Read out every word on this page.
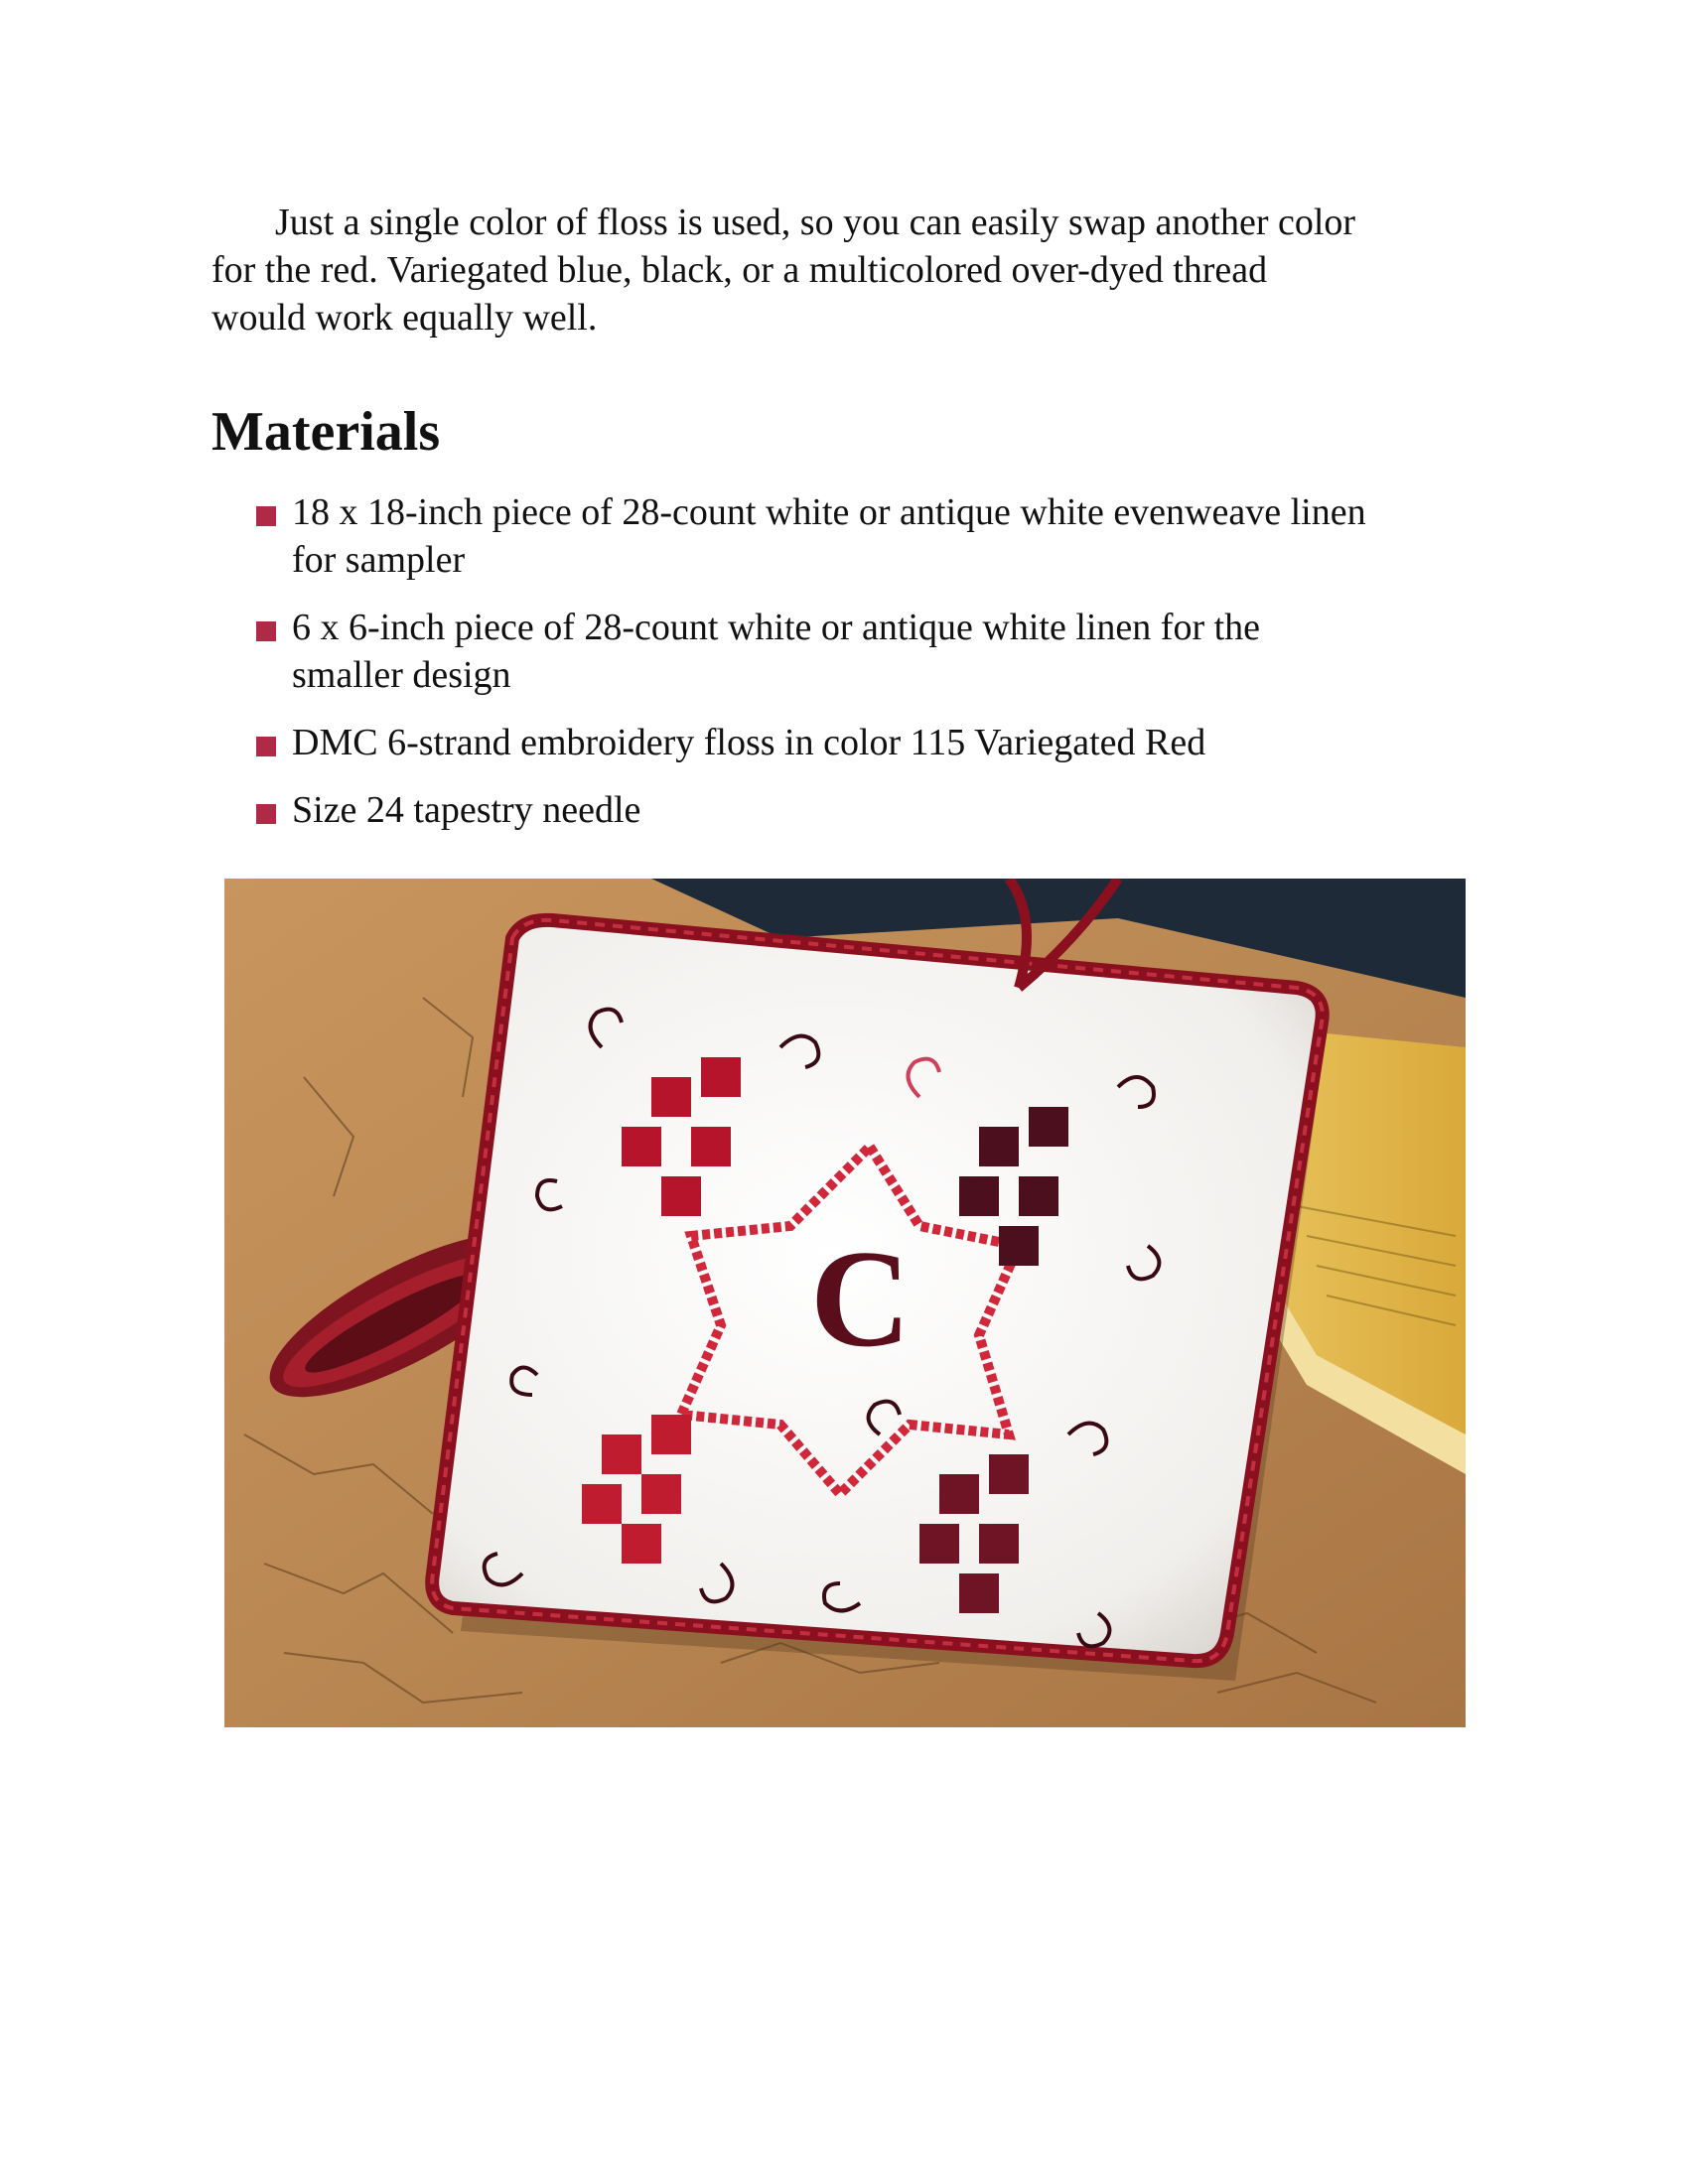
Just a single color of floss is used, so you can easily swap another color
for the red. Variegated blue, black, or a multicolored over-dyed thread
would work equally well.

Materials
18 x 18-inch piece of 28-count white or antique white evenweave linen
for sampler
6 x 6-inch piece of 28-count white or antique white linen for the
smaller design
DMC 6-strand embroidery floss in color 115 Variegated Red
Size 24 tapestry needle
C
